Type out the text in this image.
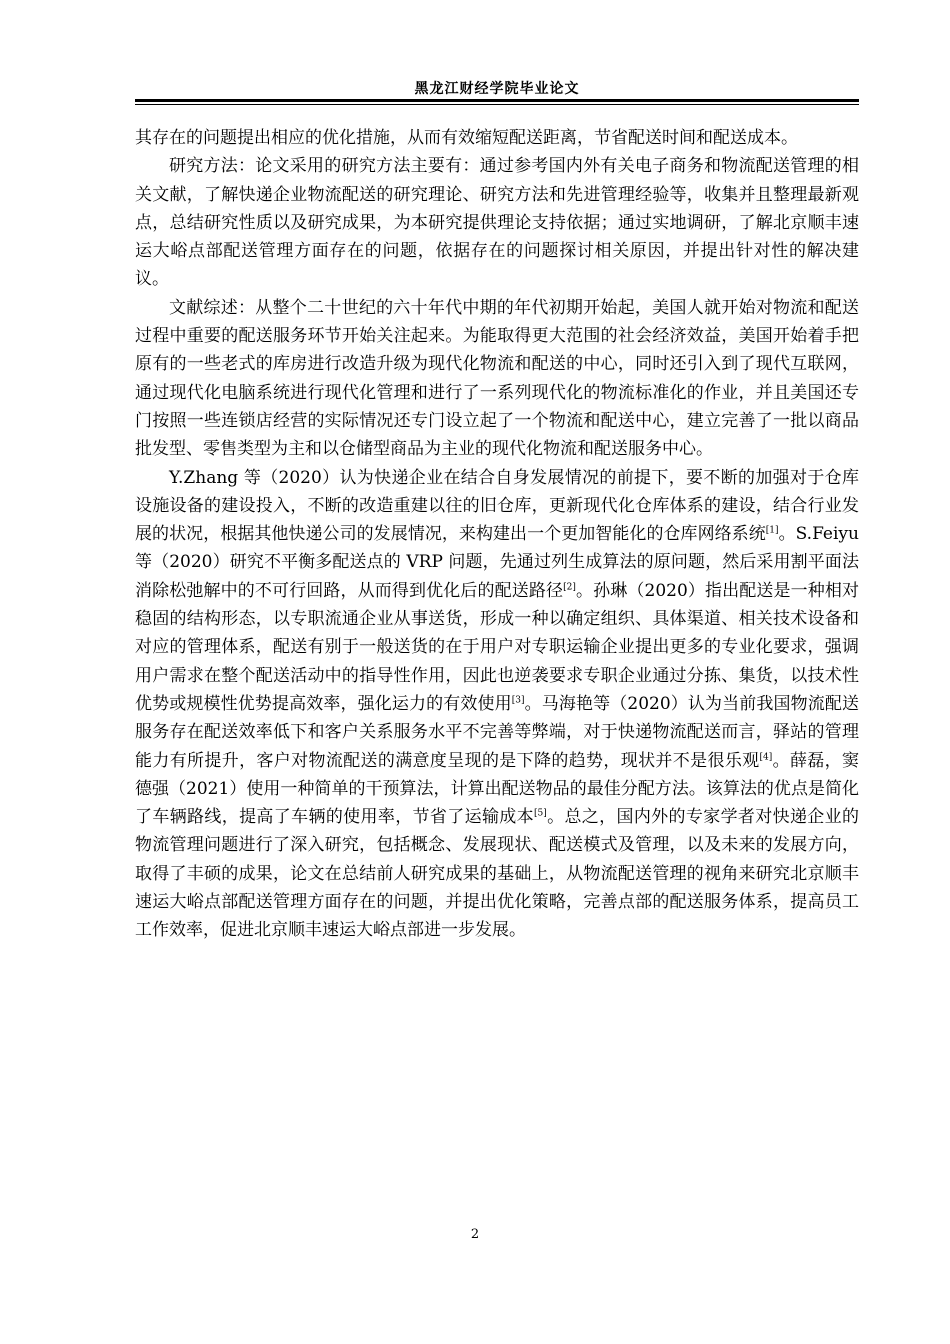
黑龙江财经学院毕业论文

其存在的问题提出相应的优化措施，从而有效缩短配送距离，节省配送时间和配送成本。

研究方法：论文采用的研究方法主要有：通过参考国内外有关电子商务和物流配送管理的相关文献，了解快递企业物流配送的研究理论、研究方法和先进管理经验等，收集并且整理最新观点，总结研究性质以及研究成果，为本研究提供理论支持依据；通过实地调研，了解北京顺丰速运大峪点部配送管理方面存在的问题，依据存在的问题探讨相关原因，并提出针对性的解决建议。

文献综述：从整个二十世纪的六十年代中期的年代初期开始起，美国人就开始对物流和配送过程中重要的配送服务环节开始关注起来。为能取得更大范围的社会经济效益，美国开始着手把原有的一些老式的库房进行改造升级为现代化物流和配送的中心，同时还引入到了现代互联网，通过现代化电脑系统进行现代化管理和进行了一系列现代化的物流标准化的作业，并且美国还专门按照一些连锁店经营的实际情况还专门设立起了一个物流和配送中心，建立完善了一批以商品批发型、零售类型为主和以仓储型商品为主业的现代化物流和配送服务中心。

Y.Zhang 等（2020）认为快递企业在结合自身发展情况的前提下，要不断的加强对于仓库设施设备的建设投入，不断的改造重建以往的旧仓库，更新现代化仓库体系的建设，结合行业发展的状况，根据其他快递公司的发展情况，来构建出一个更加智能化的仓库网络系统[1]。S.Feiyu 等（2020）研究不平衡多配送点的 VRP 问题，先通过列生成算法的原问题，然后采用割平面法消除松弛解中的不可行回路，从而得到优化后的配送路径[2]。孙琳（2020）指出配送是一种相对稳固的结构形态，以专职流通企业从事送货，形成一种以确定组织、具体渠道、相关技术设备和对应的管理体系，配送有别于一般送货的在于用户对专职运输企业提出更多的专业化要求，强调用户需求在整个配送活动中的指导性作用，因此也逆袭要求专职企业通过分拣、集货，以技术性优势或规模性优势提高效率，强化运力的有效使用[3]。马海艳等（2020）认为当前我国物流配送服务存在配送效率低下和客户关系服务水平不完善等弊端，对于快递物流配送而言，驿站的管理能力有所提升，客户对物流配送的满意度呈现的是下降的趋势，现状并不是很乐观[4]。薛磊，窦德强（2021）使用一种简单的干预算法，计算出配送物品的最佳分配方法。该算法的优点是简化了车辆路线，提高了车辆的使用率，节省了运输成本[5]。总之，国内外的专家学者对快递企业的物流管理问题进行了深入研究，包括概念、发展现状、配送模式及管理，以及未来的发展方向，取得了丰硕的成果，论文在总结前人研究成果的基础上，从物流配送管理的视角来研究北京顺丰速运大峪点部配送管理方面存在的问题，并提出优化策略，完善点部的配送服务体系，提高员工工作效率，促进北京顺丰速运大峪点部进一步发展。

2
